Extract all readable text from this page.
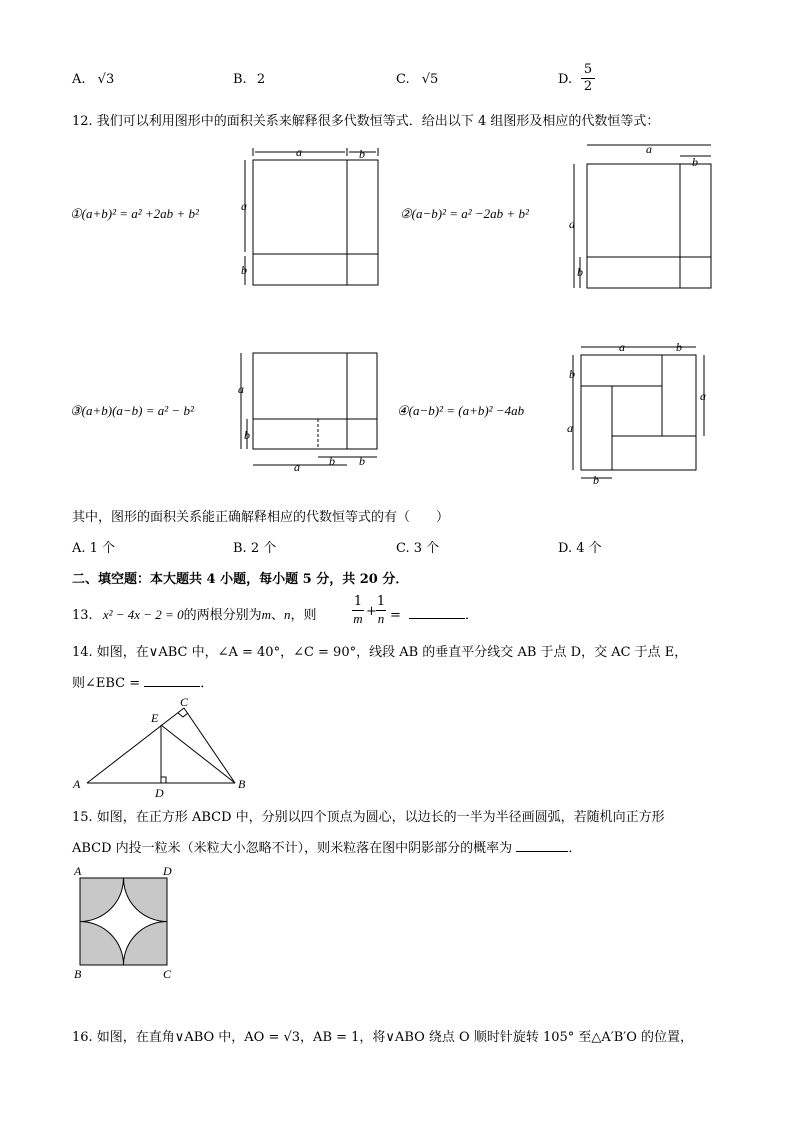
A. √3	B. 2	C. √5	D.
5
2
12. 我们可以利用图形中的面积关系来解释很多代数恒等式．给出以下 4 组图形及相应的代数恒等式：
①(a+b)² = a² +2ab + b²
a	b
a
b
②(a−b)² = a² −2ab + b²
a
b
a
b
③(a+b)(a−b) = a² − b²
a
b
a b b
④(a−b)² = (a+b)² −4ab
a	b
b
a
a
b
其中，图形的面积关系能正确解释相应的代数恒等式的有（　　）
A. 1 个	B. 2 个	C. 3 个	D. 4 个
二、填空题：本大题共 4 小题，每小题 5 分，共 20 分．
13. x² − 4x − 2 = 0的两根分别为m、n，则
1
m +
1
n =	．
14. 如图，在∨ABC 中，∠A = 40°，∠C = 90°，线段 AB 的垂直平分线交 AB 于点 D，交 AC 于点 E，
则∠EBC =	．
A	B
C
D
E
15. 如图，在正方形 ABCD 中，分别以四个顶点为圆心，以边长的一半为半径画圆弧，若随机向正方形
ABCD 内投一粒米（米粒大小忽略不计），则米粒落在图中阴影部分的概率为	．
A	D
B	C
16. 如图，在直角∨ABO 中，AO = √3，AB = 1，将∨ABO 绕点 O 顺时针旋转 105° 至△A′B′O 的位置，
